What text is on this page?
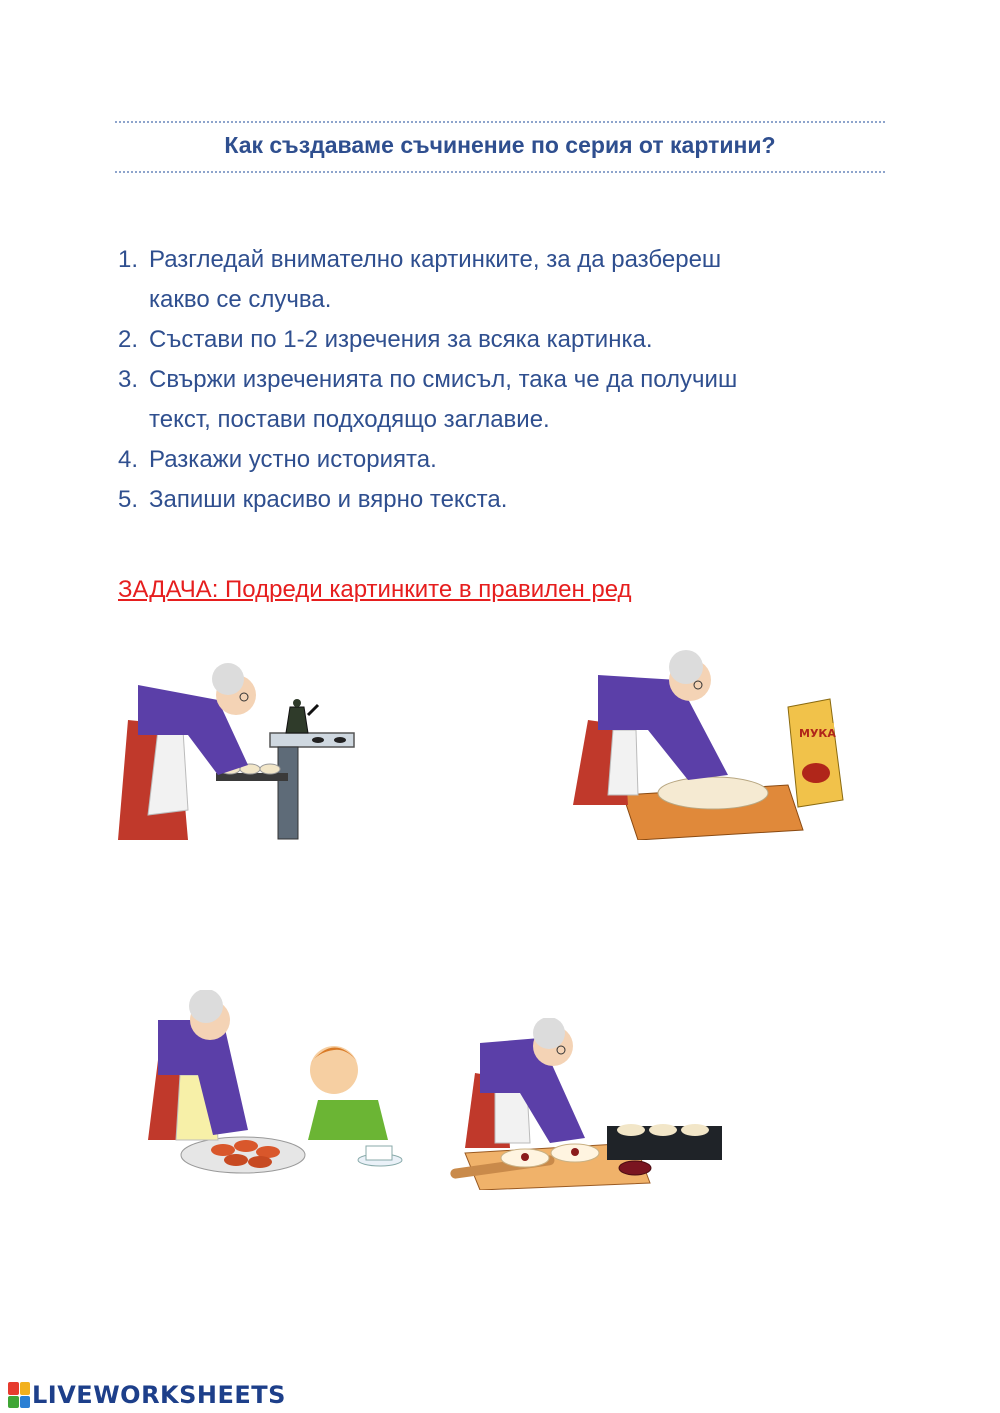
Как създаваме съчинение по серия от картини?
1. Разгледай внимателно картинките, за да разбереш
какво се случва.
2. Състави по 1-2 изречения за всяка картинка.
3. Свържи изреченията по смисъл, така че да получиш
текст, постави подходящо заглавие.
4. Разкажи устно историята.
5. Запиши красиво и вярно текста.
ЗАДАЧА: Подреди картинките в правилен ред
МУКА
LIVEWORKSHEETS
